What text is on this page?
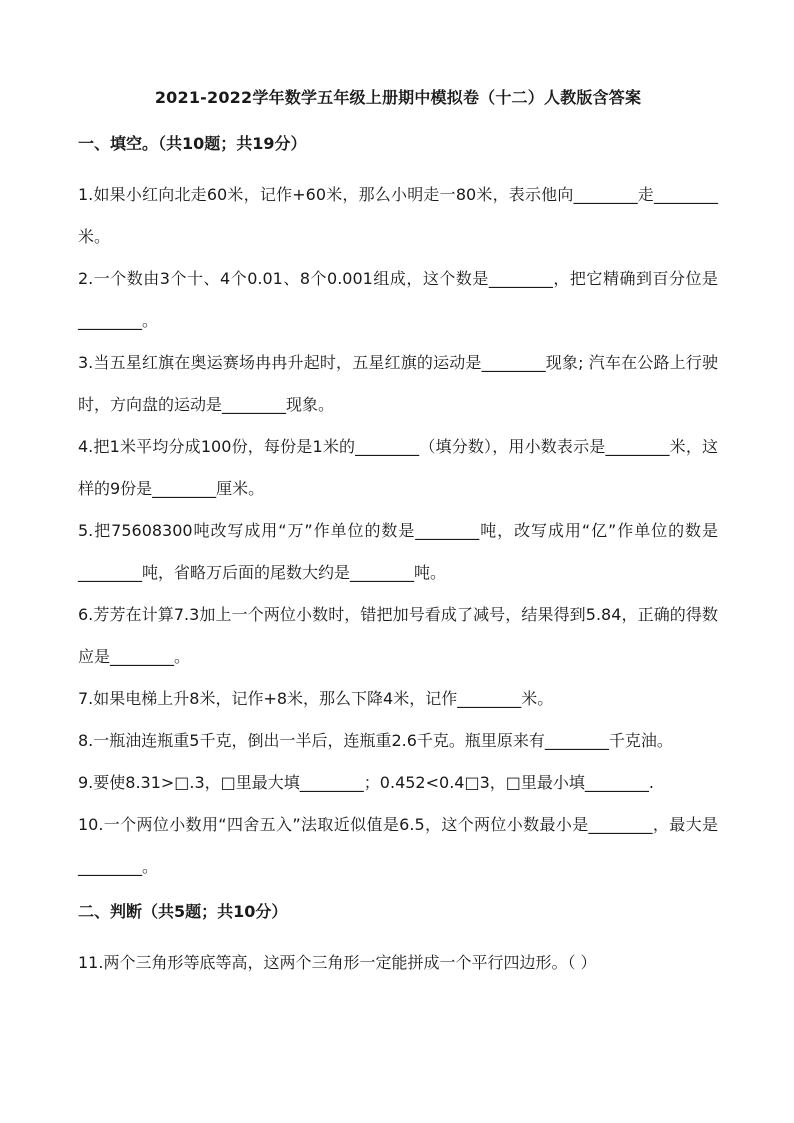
2021-2022学年数学五年级上册期中模拟卷（十二）人教版含答案
一、填空。（共10题；共19分）

1.如果小红向北走60米，记作+60米，那么小明走一80米，表示他向________走________米。

2.一个数由3个十、4个0.01、8个0.001组成，这个数是________，把它精确到百分位是________。

3.当五星红旗在奥运赛场冉冉升起时，五星红旗的运动是________现象; 汽车在公路上行驶时，方向盘的运动是________现象。

4.把1米平均分成100份，每份是1米的________（填分数），用小数表示是________米，这样的9份是________厘米。

5.把75608300吨改写成用“万”作单位的数是________吨，改写成用“亿”作单位的数是________吨，省略万后面的尾数大约是________吨。

6.芳芳在计算7.3加上一个两位小数时，错把加号看成了减号，结果得到5.84，正确的得数应是________。

7.如果电梯上升8米，记作+8米，那么下降4米，记作________米。

8.一瓶油连瓶重5千克，倒出一半后，连瓶重2.6千克。瓶里原来有________千克油。

9.要使8.31>□.3，□里最大填________；0.452<0.4□3，□里最小填________.

10.一个两位小数用“四舍五入”法取近似值是6.5，这个两位小数最小是________，最大是________。

二、判断（共5题；共10分）

11.两个三角形等底等高，这两个三角形一定能拼成一个平行四边形。（ ）
